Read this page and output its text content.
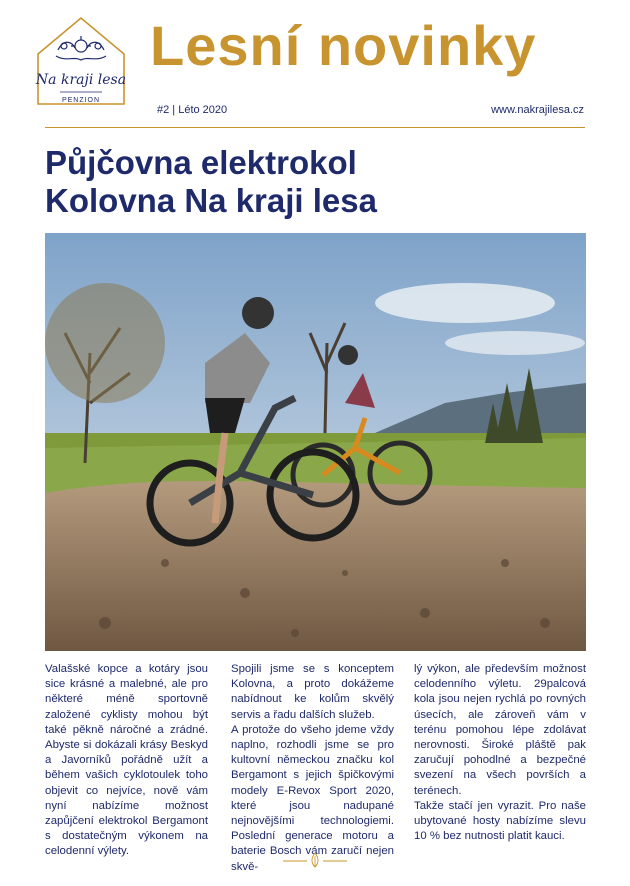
Na kraji lesa
PENZION
Lesní novinky
#2 | Léto 2020	www.nakrajilesa.cz
Půjčovna elektrokol
Kolovna Na kraji lesa

Valašské kopce a kotáry jsou sice krásné a malebné, ale pro některé méně sportovně založené cyklisty mohou být také pěkně náročné a zrádné. Abyste si dokázali krásy Beskyd a Javorníků pořádně užít a během vašich cyklotoulek toho objevit co nejvíce, nově vám nyní nabízíme možnost zapůjčení elektrokol Bergamont s dostatečným výkonem na celodenní výlety.

Spojili jsme se s konceptem Kolovna, a proto dokážeme nabídnout ke kolům skvělý servis a řadu dalších služeb.

A protože do všeho jdeme vždy naplno, rozhodli jsme se pro kultovní německou značku kol Bergamont s jejich špičkovými modely E-Revox Sport 2020, které jsou nadupané nejnovějšími technologiemi. Poslední generace motoru a baterie Bosch vám zaručí nejen skvě-

lý výkon, ale především možnost celodenního výletu. 29palcová kola jsou nejen rychlá po rovných úsecích, ale zároveň vám v terénu pomohou lépe zdolávat nerovnosti. Široké pláště pak zaručují pohodlné a bezpečné svezení na všech površích a terénech.

Takže stačí jen vyrazit. Pro naše ubytované hosty nabízíme slevu 10 % bez nutnosti platit kauci.
